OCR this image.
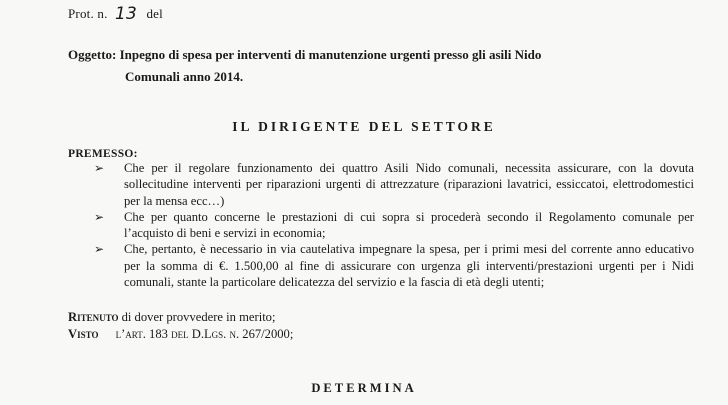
Prot. n. 13 del
Oggetto: Inpegno di spesa per interventi di manutenzione urgenti presso gli asili Nido
Comunali anno 2014.
IL DIRIGENTE DEL SETTORE
PREMESSO:
➢ Che per il regolare funzionamento dei quattro Asili Nido comunali, necessita assicurare, con la dovuta sollecitudine interventi per riparazioni urgenti di attrezzature (riparazioni lavatrici, essiccatoi, elettrodomestici per la mensa ecc…)
➢ Che per quanto concerne le prestazioni di cui sopra si procederà secondo il Regolamento comunale per l’acquisto di beni e servizi in economia;
➢ Che, pertanto, è necessario in via cautelativa impegnare la spesa, per i primi mesi del corrente anno educativo per la somma di €. 1.500,00 al fine di assicurare con urgenza gli interventi/prestazioni urgenti per i Nidi comunali, stante la particolare delicatezza del servizio e la fascia di età degli utenti;
Ritenuto di dover provvedere in merito;
Visto l’art. 183 del D.Lgs. n. 267/2000;
DETERMINA
